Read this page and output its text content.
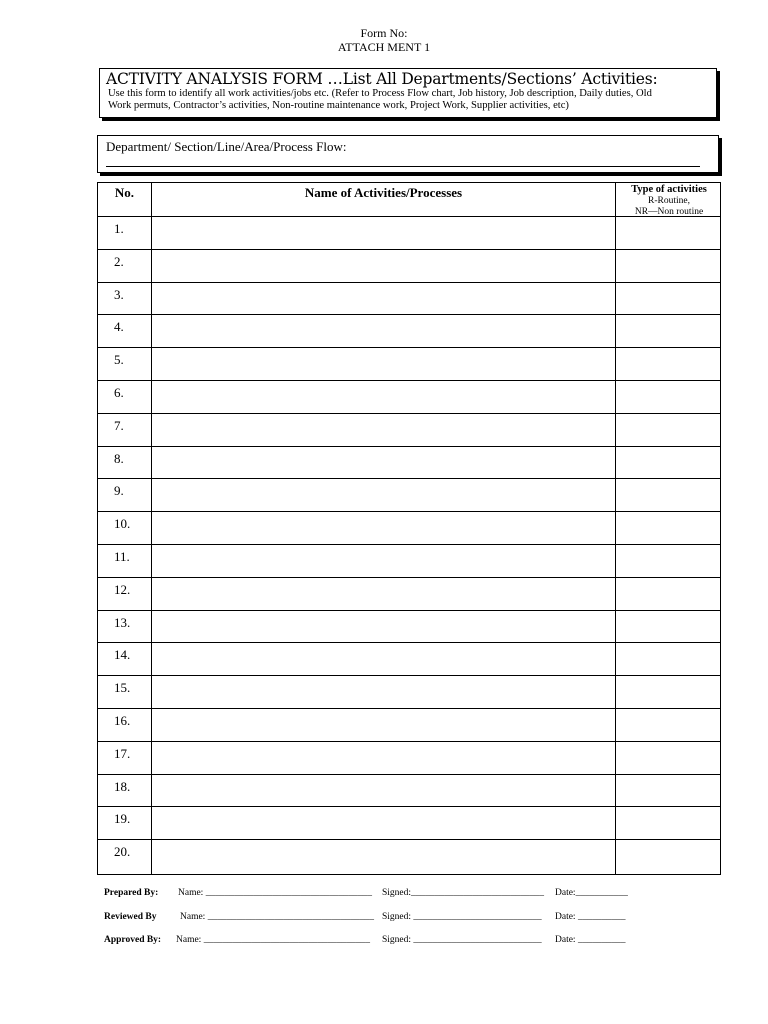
Form No:
ATTACH MENT 1
ACTIVITY ANALYSIS FORM …List All Departments/Sections’ Activities:
Use this form to identify all work activities/jobs etc. (Refer to Process Flow chart, Job history, Job description, Daily duties, Old
Work permuts, Contractor’s activities, Non-routine maintenance work, Project Work, Supplier activities, etc)
Department/ Section/Line/Area/Process Flow:
No.	Name of Activities/Processes	Type of activities
R-Routine,
NR—Non routine
1.
2.
3.
4.
5.
6.
7.
8.
9.
10.
11.
12.
13.
14.
15.
16.
17.
18.
19.
20.
Prepared By: Name: ___________________________________ Signed:____________________________ Date:___________
Reviewed By Name: ___________________________________ Signed: ___________________________ Date: __________
Approved By: Name: ___________________________________ Signed: ___________________________ Date: __________
